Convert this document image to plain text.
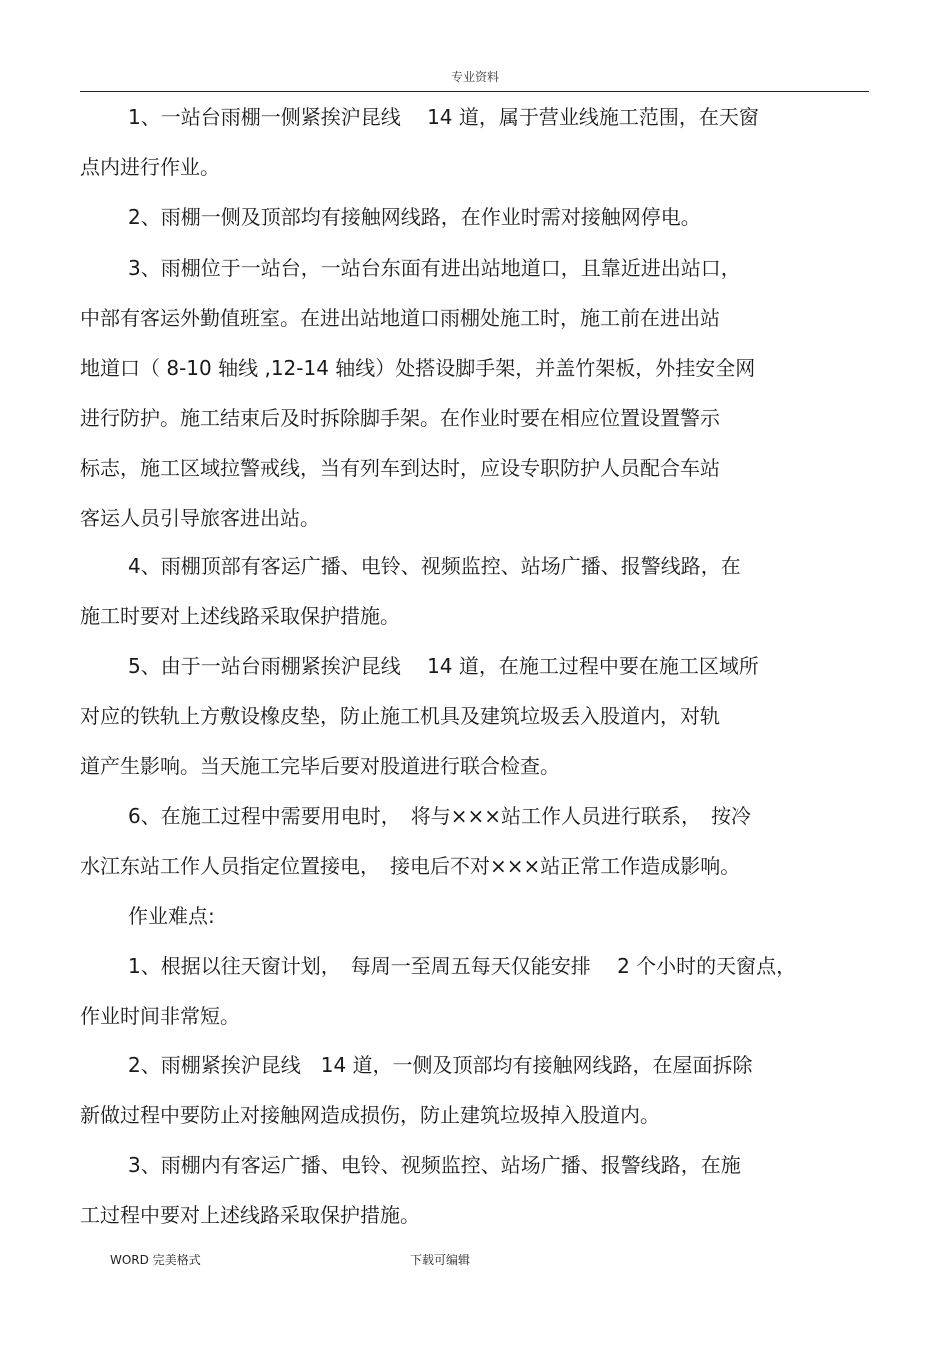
专业资料
1、一站台雨棚一侧紧挨沪昆线　 14 道，属于营业线施工范围，在天窗
点内进行作业。
2、雨棚一侧及顶部均有接触网线路，在作业时需对接触网停电。
3、雨棚位于一站台，一站台东面有进出站地道口，且靠近进出站口，
中部有客运外勤值班室。在进出站地道口雨棚处施工时，施工前在进出站
地道口（ 8-10 轴线 ,12-14 轴线）处搭设脚手架，并盖竹架板，外挂安全网
进行防护。施工结束后及时拆除脚手架。在作业时要在相应位置设置警示
标志，施工区域拉警戒线，当有列车到达时，应设专职防护人员配合车站
客运人员引导旅客进出站。
4、雨棚顶部有客运广播、电铃、视频监控、站场广播、报警线路，在
施工时要对上述线路采取保护措施。
5、由于一站台雨棚紧挨沪昆线　 14 道，在施工过程中要在施工区域所
对应的铁轨上方敷设橡皮垫，防止施工机具及建筑垃圾丢入股道内，对轨
道产生影响。当天施工完毕后要对股道进行联合检查。
6、在施工过程中需要用电时，　将与×××站工作人员进行联系，　按冷
水江东站工作人员指定位置接电，　接电后不对×××站正常工作造成影响。
作业难点:
1、根据以往天窗计划，　每周一至周五每天仅能安排　 2 个小时的天窗点，
作业时间非常短。
2、雨棚紧挨沪昆线　14 道，一侧及顶部均有接触网线路，在屋面拆除
新做过程中要防止对接触网造成损伤，防止建筑垃圾掉入股道内。
3、雨棚内有客运广播、电铃、视频监控、站场广播、报警线路，在施
工过程中要对上述线路采取保护措施。
WORD 完美格式	下载可编辑
